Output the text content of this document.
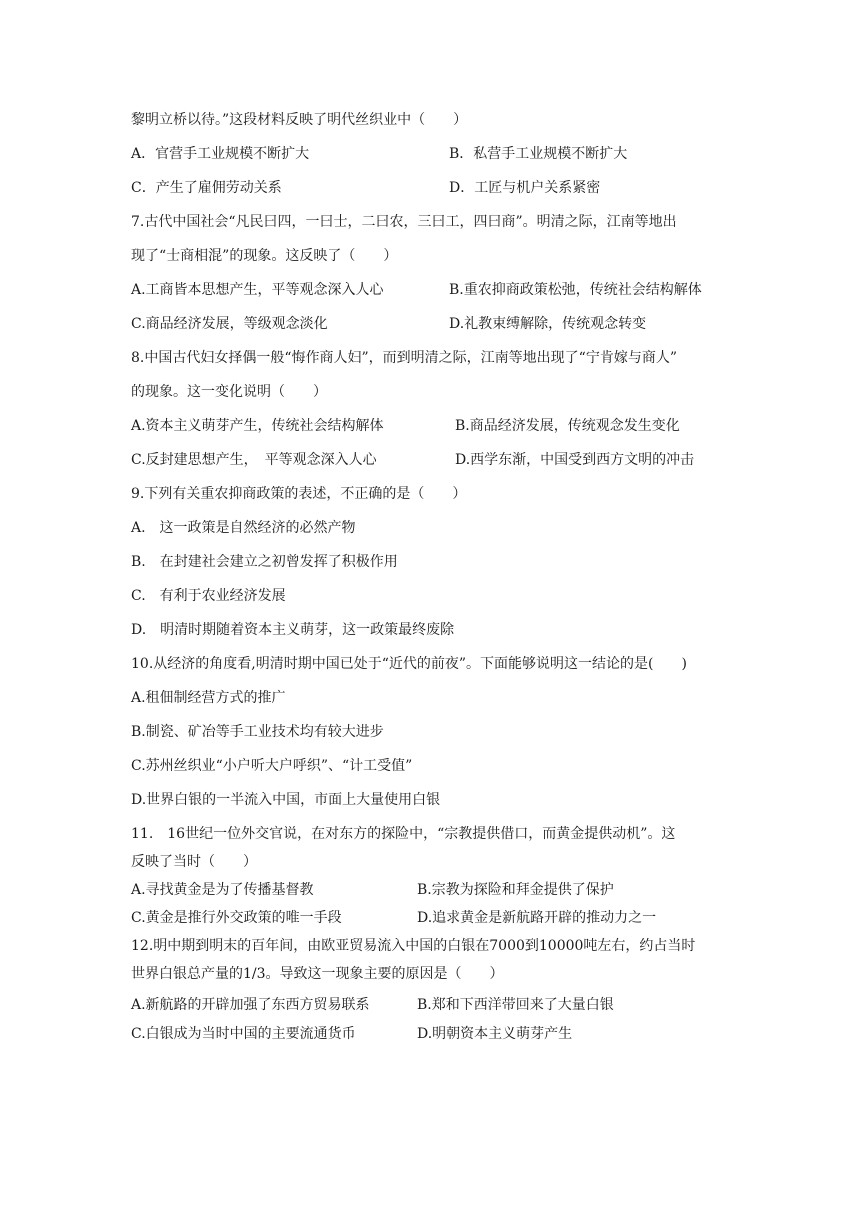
黎明立桥以待。”这段材料反映了明代丝织业中（　　）
A．官营手工业规模不断扩大	B．私营手工业规模不断扩大
C．产生了雇佣劳动关系	D．工匠与机户关系紧密
7.古代中国社会“凡民曰四，一曰士，二曰农，三曰工，四曰商”。明清之际，江南等地出
现了“士商相混”的现象。这反映了（　　）
A.工商皆本思想产生，平等观念深入人心	B.重农抑商政策松弛，传统社会结构解体
C.商品经济发展，等级观念淡化	D.礼教束缚解除，传统观念转变
8.中国古代妇女择偶一般“悔作商人妇”，而到明清之际，江南等地出现了“宁肯嫁与商人”
的现象。这一变化说明（　　）
A.资本主义萌芽产生，传统社会结构解体	B.商品经济发展，传统观念发生变化
C.反封建思想产生，　平等观念深入人心	D.西学东渐，中国受到西方文明的冲击
9.下列有关重农抑商政策的表述，不正确的是（　　）
A.　这一政策是自然经济的必然产物
B.　在封建社会建立之初曾发挥了积极作用
C.　有利于农业经济发展
D.　明清时期随着资本主义萌芽，这一政策最终废除
10.从经济的角度看,明清时期中国已处于“近代的前夜”。下面能够说明这一结论的是(　　)
A.租佃制经营方式的推广
B.制瓷、矿冶等手工业技术均有较大进步
C.苏州丝织业“小户听大户呼织”、“计工受值”
D.世界白银的一半流入中国，市面上大量使用白银
11.　16世纪一位外交官说，在对东方的探险中，“宗教提供借口，而黄金提供动机”。这
反映了当时（　　）
A.寻找黄金是为了传播基督教	B.宗教为探险和拜金提供了保护
C.黄金是推行外交政策的唯一手段	D.追求黄金是新航路开辟的推动力之一
12.明中期到明末的百年间，由欧亚贸易流入中国的白银在7000到10000吨左右，约占当时
世界白银总产量的1/3。导致这一现象主要的原因是（　　）
A.新航路的开辟加强了东西方贸易联系	B.郑和下西洋带回来了大量白银
C.白银成为当时中国的主要流通货币	D.明朝资本主义萌芽产生
